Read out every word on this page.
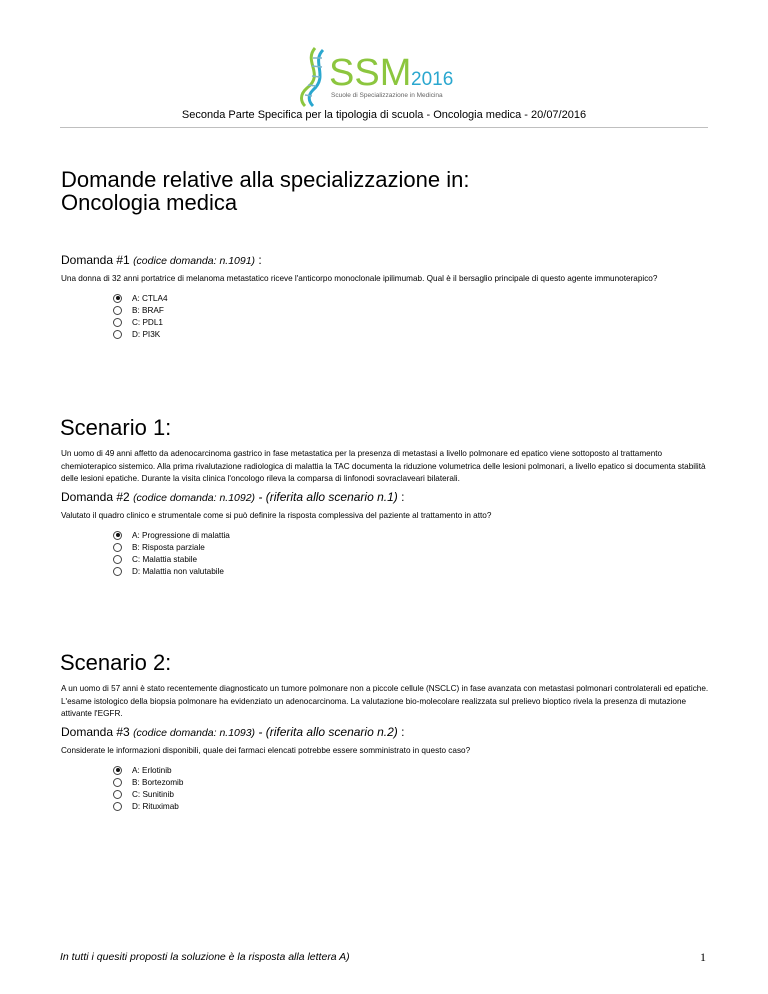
SSM 2016
Scuole di Specializzazione in Medicina
Seconda Parte Specifica per la tipologia di scuola - Oncologia medica - 20/07/2016
Domande relative alla specializzazione in:
Oncologia medica
Domanda #1 (codice domanda: n.1091) :
Una donna di 32 anni portatrice di melanoma metastatico riceve l'anticorpo monoclonale ipilimumab. Qual è il bersaglio principale di questo agente immunoterapico?
A: CTLA4
B: BRAF
C: PDL1
D: PI3K
Scenario 1:
Un uomo di 49 anni affetto da adenocarcinoma gastrico in fase metastatica per la presenza di metastasi a livello polmonare ed epatico viene sottoposto al trattamento chemioterapico sistemico. Alla prima rivalutazione radiologica di malattia la TAC documenta la riduzione volumetrica delle lesioni polmonari, a livello epatico si documenta stabilità delle lesioni epatiche. Durante la visita clinica l'oncologo rileva la comparsa di linfonodi sovraclaveari bilaterali.
Domanda #2 (codice domanda: n.1092) - (riferita allo scenario n.1) :
Valutato il quadro clinico e strumentale come si può definire la risposta complessiva del paziente al trattamento in atto?
A: Progressione di malattia
B: Risposta parziale
C: Malattia stabile
D: Malattia non valutabile
Scenario 2:
A un uomo di 57 anni è stato recentemente diagnosticato un tumore polmonare non a piccole cellule (NSCLC) in fase avanzata con metastasi polmonari controlaterali ed epatiche. L'esame istologico della biopsia polmonare ha evidenziato un adenocarcinoma. La valutazione bio-molecolare realizzata sul prelievo bioptico rivela la presenza di mutazione attivante l'EGFR.
Domanda #3 (codice domanda: n.1093) - (riferita allo scenario n.2) :
Considerate le informazioni disponibili, quale dei farmaci elencati potrebbe essere somministrato in questo caso?
A: Erlotinib
B: Bortezomib
C: Sunitinib
D: Rituximab
In tutti i quesiti proposti la soluzione è la risposta alla lettera A)	1
